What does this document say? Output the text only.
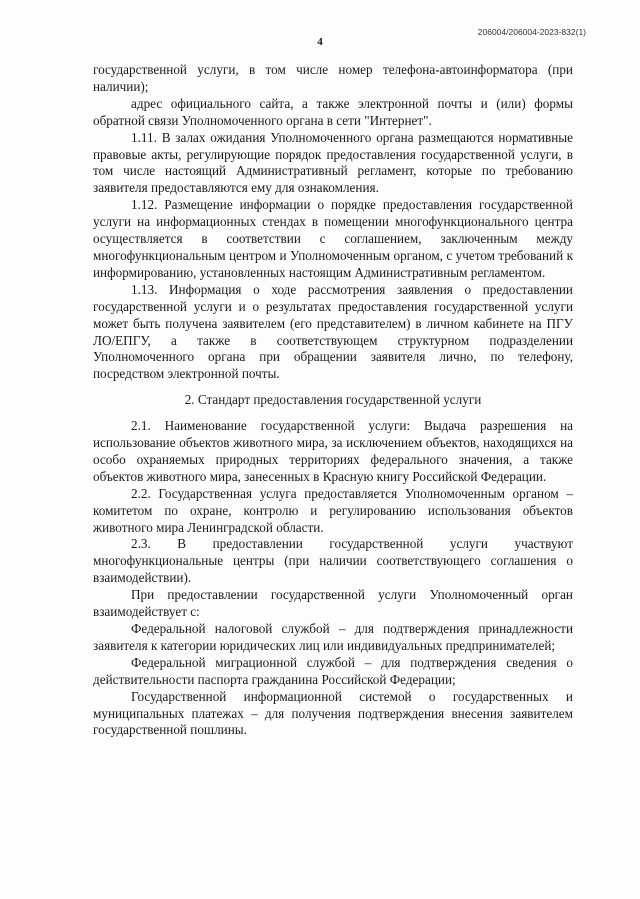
206004/206004-2023-832(1)
4

государственной услуги, в том числе номер телефона-автоинформатора (при наличии);

адрес официального сайта, а также электронной почты и (или) формы обратной связи Уполномоченного органа в сети "Интернет".

1.11. В залах ожидания Уполномоченного органа размещаются нормативные правовые акты, регулирующие порядок предоставления государственной услуги, в том числе настоящий Административный регламент, которые по требованию заявителя предоставляются ему для ознакомления.

1.12. Размещение информации о порядке предоставления государственной услуги на информационных стендах в помещении многофункционального центра осуществляется в соответствии с соглашением, заключенным между многофункциональным центром и Уполномоченным органом, с учетом требований к информированию, установленных настоящим Административным регламентом.

1.13. Информация о ходе рассмотрения заявления о предоставлении государственной услуги и о результатах предоставления государственной услуги может быть получена заявителем (его представителем) в личном кабинете на ПГУ ЛО/ЕПГУ, а также в соответствующем структурном подразделении Уполномоченного органа при обращении заявителя лично, по телефону, посредством электронной почты.

2. Стандарт предоставления государственной услуги

2.1. Наименование государственной услуги: Выдача разрешения на использование объектов животного мира, за исключением объектов, находящихся на особо охраняемых природных территориях федерального значения, а также объектов животного мира, занесенных в Красную книгу Российской Федерации.

2.2. Государственная услуга предоставляется Уполномоченным органом – комитетом по охране, контролю и регулированию использования объектов животного мира Ленинградской области.

2.3. В предоставлении государственной услуги участвуют многофункциональные центры (при наличии соответствующего соглашения о взаимодействии).

При предоставлении государственной услуги Уполномоченный орган взаимодействует с:

Федеральной налоговой службой – для подтверждения принадлежности заявителя к категории юридических лиц или индивидуальных предпринимателей;

Федеральной миграционной службой – для подтверждения сведения о действительности паспорта гражданина Российской Федерации;

Государственной информационной системой о государственных и муниципальных платежах – для получения подтверждения внесения заявителем государственной пошлины.
